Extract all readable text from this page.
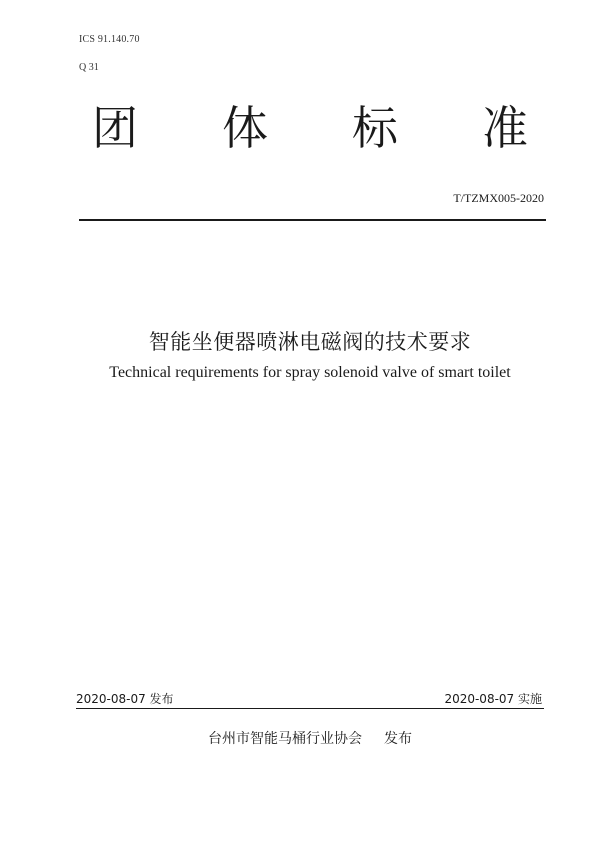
ICS 91.140.70
Q 31
团 体 标 准
T/TZMX005-2020
智能坐便器喷淋电磁阀的技术要求
Technical requirements for spray solenoid valve of smart toilet
2020-08-07 发布	2020-08-07 实施
台州市智能马桶行业协会 发布
